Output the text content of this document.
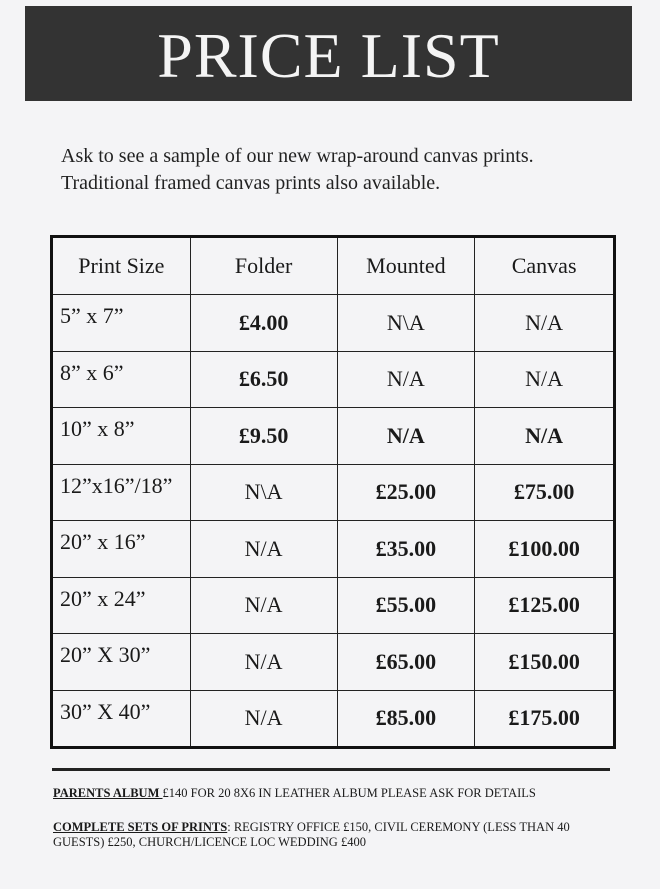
PRICE LIST
Ask to see a sample of our new wrap-around canvas prints.
Traditional framed canvas prints also available.
Print Size	Folder	Mounted	Canvas
5” x 7”	£4.00	N\A	N/A
8” x 6”	£6.50	N/A	N/A
10” x 8”	£9.50	N/A	N/A
12”x16”/18”	N\A	£25.00	£75.00
20” x 16”	N/A	£35.00	£100.00
20” x 24”	N/A	£55.00	£125.00
20” X 30”	N/A	£65.00	£150.00
30” X 40”	N/A	£85.00	£175.00
PARENTS ALBUM £140 FOR 20 8X6 IN LEATHER ALBUM PLEASE ASK FOR DETAILS
COMPLETE SETS OF PRINTS: REGISTRY OFFICE £150, CIVIL CEREMONY (LESS THAN 40 GUESTS) £250, CHURCH/LICENCE LOC WEDDING £400
